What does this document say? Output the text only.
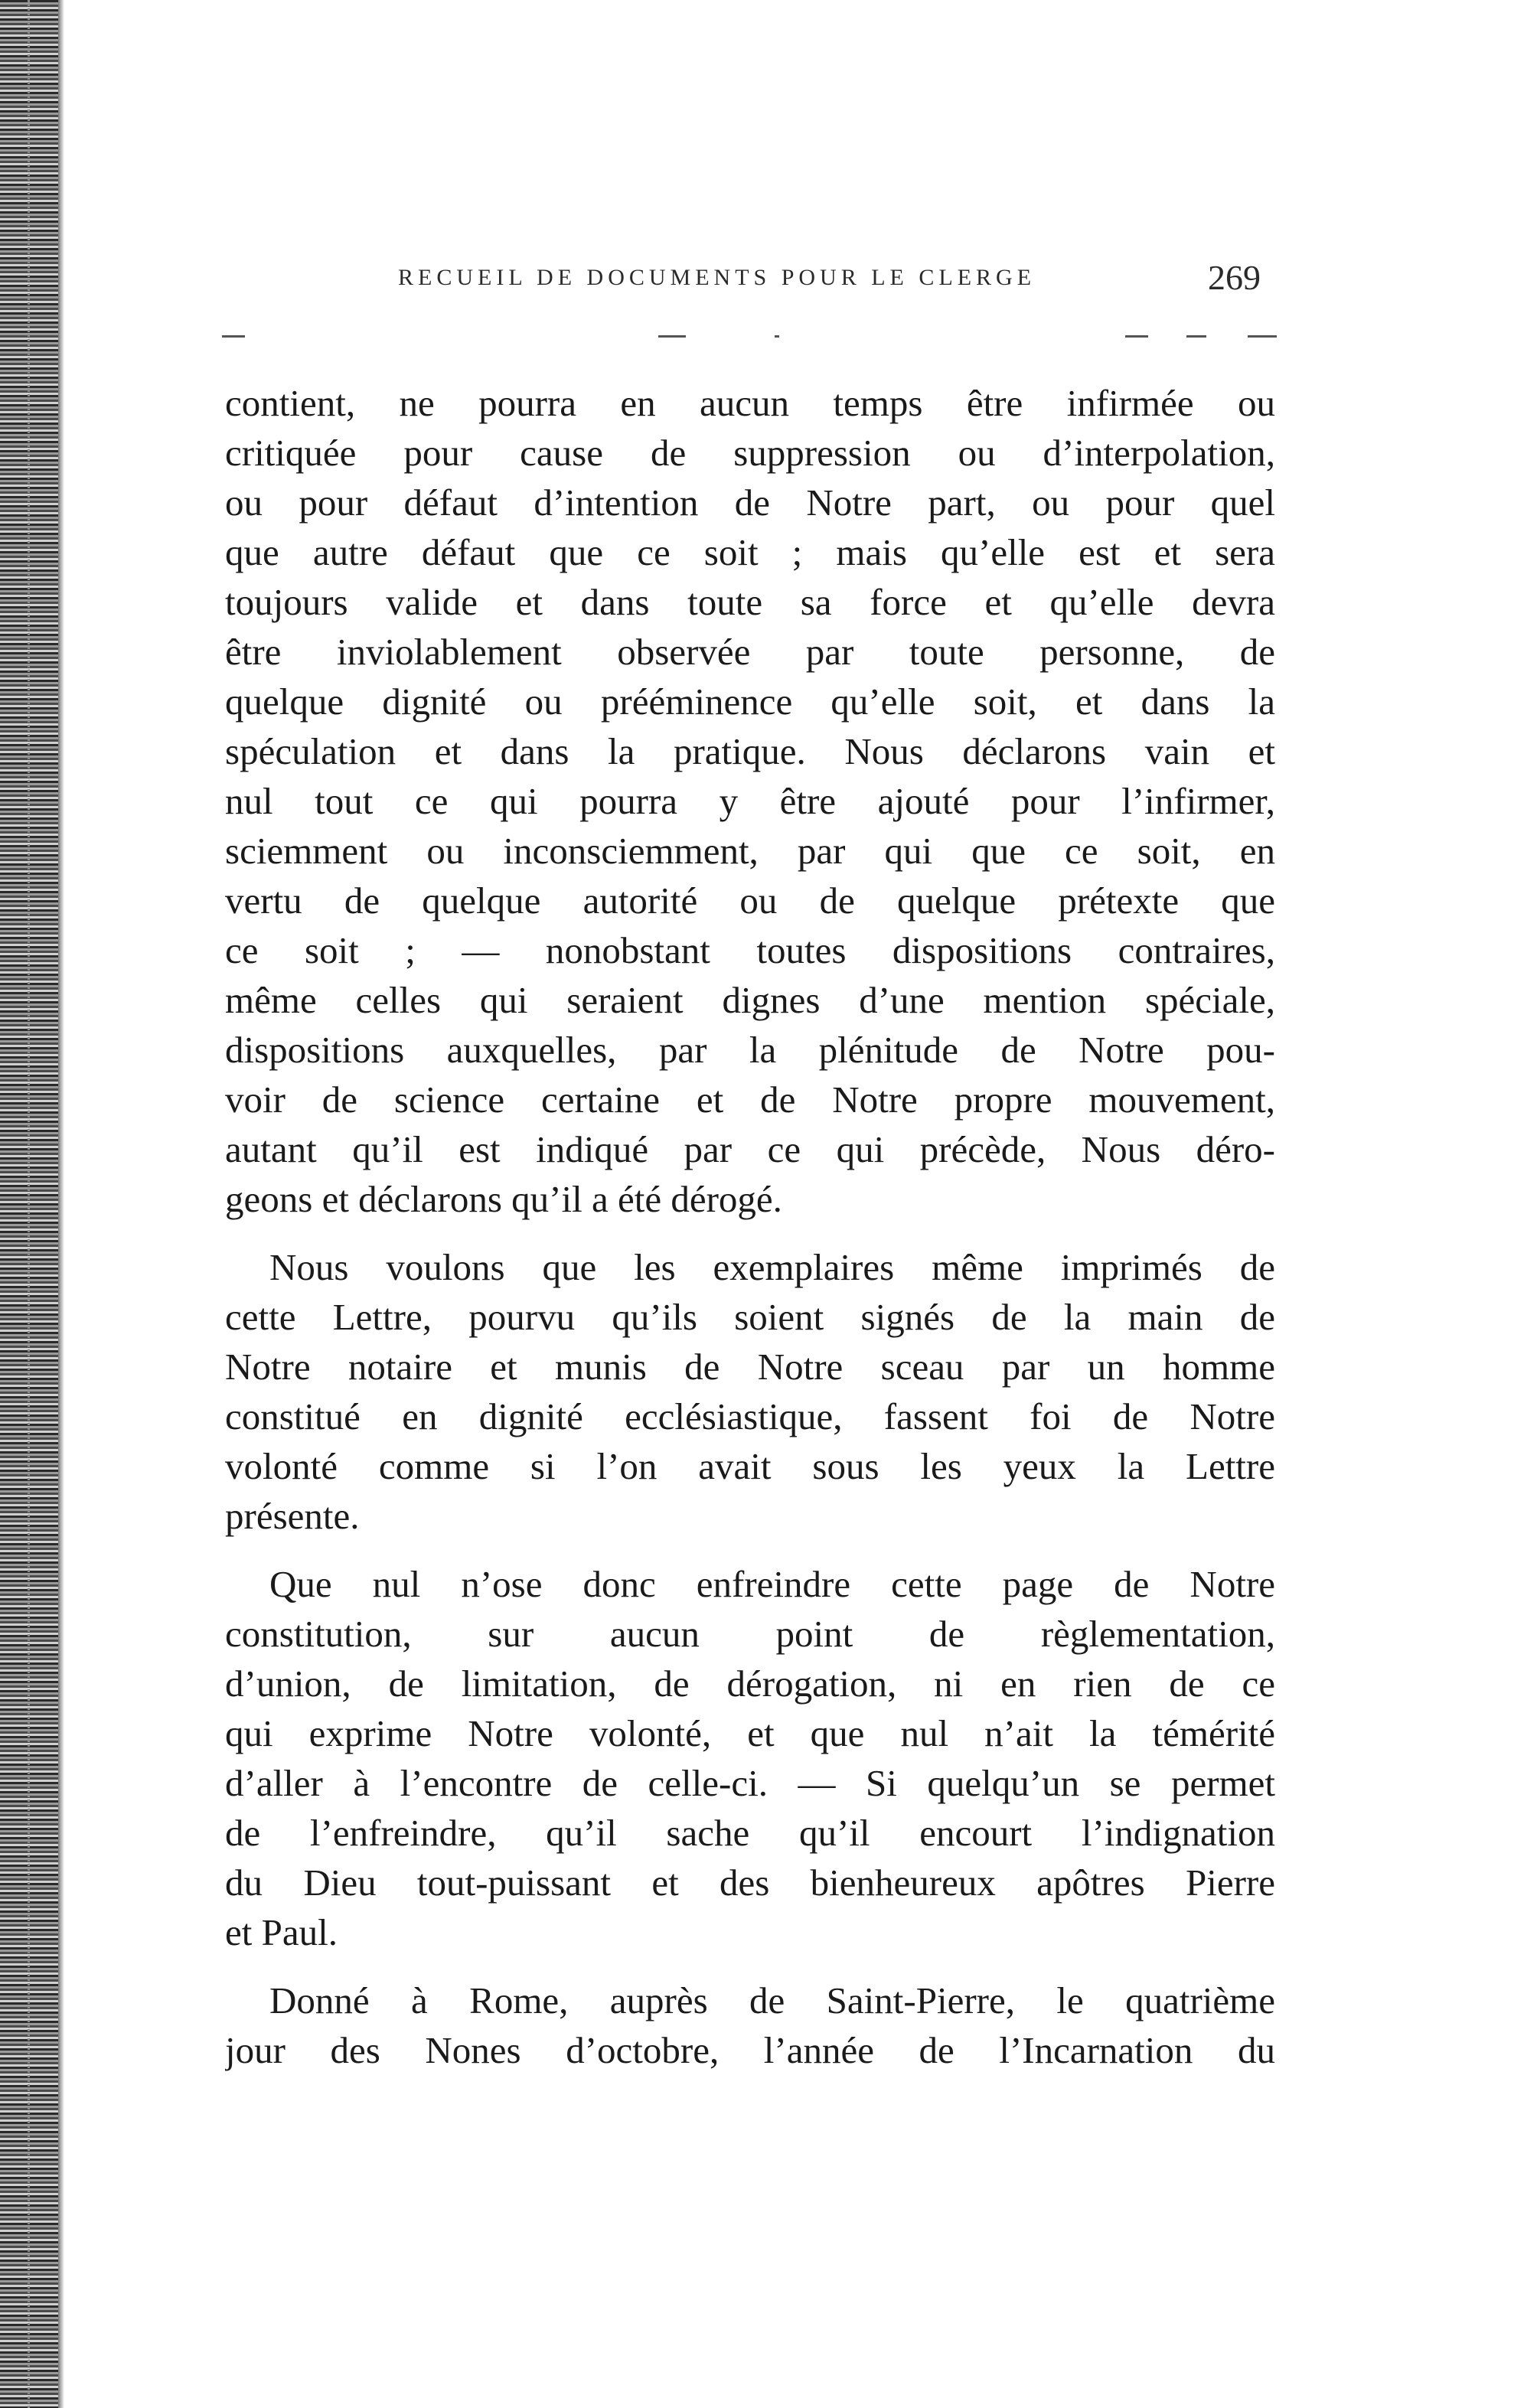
RECUEIL DE DOCUMENTS POUR LE CLERGE	269
contient, ne pourra en aucun temps être infirmée ou
critiquée pour cause de suppression ou d’interpolation,
ou pour défaut d’intention de Notre part, ou pour quel
que autre défaut que ce soit ; mais qu’elle est et sera
toujours valide et dans toute sa force et qu’elle devra
être inviolablement observée par toute personne, de
quelque dignité ou prééminence qu’elle soit, et dans la
spéculation et dans la pratique. Nous déclarons vain et
nul tout ce qui pourra y être ajouté pour l’infirmer,
sciemment ou inconsciemment, par qui que ce soit, en
vertu de quelque autorité ou de quelque prétexte que
ce soit ; — nonobstant toutes dispositions contraires,
même celles qui seraient dignes d’une mention spéciale,
dispositions auxquelles, par la plénitude de Notre pou-
voir de science certaine et de Notre propre mouvement,
autant qu’il est indiqué par ce qui précède, Nous déro-
geons et déclarons qu’il a été dérogé.
Nous voulons que les exemplaires même imprimés de
cette Lettre, pourvu qu’ils soient signés de la main de
Notre notaire et munis de Notre sceau par un homme
constitué en dignité ecclésiastique, fassent foi de Notre
volonté comme si l’on avait sous les yeux la Lettre
présente.
Que nul n’ose donc enfreindre cette page de Notre
constitution, sur aucun point de règlementation,
d’union, de limitation, de dérogation, ni en rien de ce
qui exprime Notre volonté, et que nul n’ait la témérité
d’aller à l’encontre de celle-ci. — Si quelqu’un se permet
de l’enfreindre, qu’il sache qu’il encourt l’indignation
du Dieu tout-puissant et des bienheureux apôtres Pierre
et Paul.
Donné à Rome, auprès de Saint-Pierre, le quatrième
jour des Nones d’octobre, l’année de l’Incarnation du
